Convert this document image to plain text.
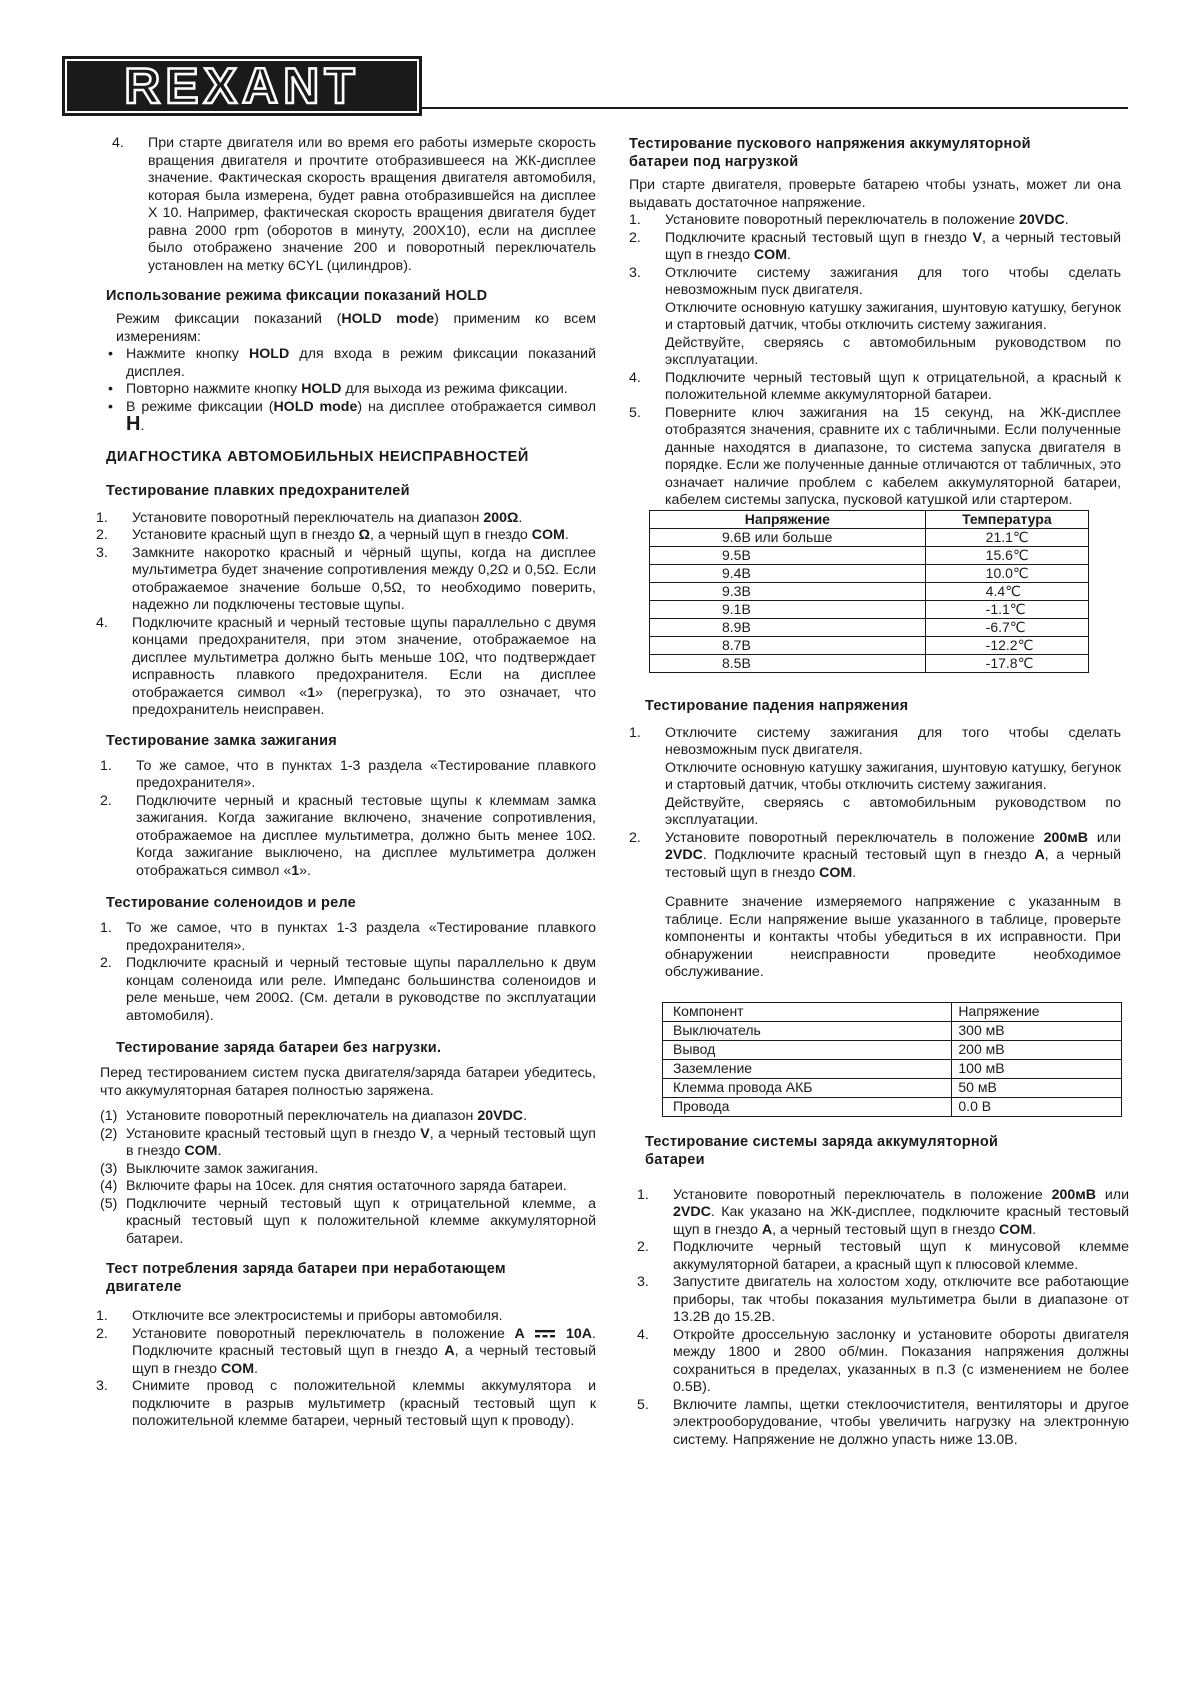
REXANT
4. При старте двигателя или во время его работы измерьте скорость вращения двигателя и прочтите отобразившееся на ЖК-дисплее значение. Фактическая скорость вращения двигателя автомобиля, которая была измерена, будет равна отобразившейся на дисплее X 10. Например, фактическая скорость вращения двигателя будет равна 2000 rpm (оборотов в минуту, 200X10), если на дисплее было отображено значение 200 и поворотный переключатель установлен на метку 6CYL (цилиндров).
Использование режима фиксации показаний HOLD

Режим фиксации показаний (HOLD mode) применим ко всем измерениям:

• Нажмите кнопку HOLD для входа в режим фиксации показаний дисплея.
• Повторно нажмите кнопку HOLD для выхода из режима фиксации.
• В режиме фиксации (HOLD mode) на дисплее отображается символ H.
ДИАГНОСТИКА АВТОМОБИЛЬНЫХ НЕИСПРАВНОСТЕЙ
Тестирование плавких предохранителей
1. Установите поворотный переключатель на диапазон 200Ω.
2. Установите красный щуп в гнездо Ω, а черный щуп в гнездо COM.
3. Замкните накоротко красный и чёрный щупы, когда на дисплее мультиметра будет значение сопротивления между 0,2Ω и 0,5Ω. Если отображаемое значение больше 0,5Ω, то необходимо поверить, надежно ли подключены тестовые щупы.
4. Подключите красный и черный тестовые щупы параллельно с двумя концами предохранителя, при этом значение, отображаемое на дисплее мультиметра должно быть меньше 10Ω, что подтверждает исправность плавкого предохранителя. Если на дисплее отображается символ «1» (перегрузка), то это означает, что предохранитель неисправен.
Тестирование замка зажигания
1. То же самое, что в пунктах 1-3 раздела «Тестирование плавкого предохранителя».
2. Подключите черный и красный тестовые щупы к клеммам замка зажигания. Когда зажигание включено, значение сопротивления, отображаемое на дисплее мультиметра, должно быть менее 10Ω. Когда зажигание выключено, на дисплее мультиметра должен отображаться символ «1».
Тестирование соленоидов и реле
1. То же самое, что в пунктах 1-3 раздела «Тестирование плавкого предохранителя».
2. Подключите красный и черный тестовые щупы параллельно к двум концам соленоида или реле. Импеданс большинства соленоидов и реле меньше, чем 200Ω. (См. детали в руководстве по эксплуатации автомобиля).
Тестирование заряда батареи без нагрузки.

Перед тестированием систем пуска двигателя/заряда батареи убедитесь, что аккумуляторная батарея полностью заряжена.

(1) Установите поворотный переключатель на диапазон 20VDC.
(2) Установите красный тестовый щуп в гнездо V, а черный тестовый щуп в гнездо COM.
(3) Выключите замок зажигания.
(4) Включите фары на 10сек. для снятия остаточного заряда батареи.
(5) Подключите черный тестовый щуп к отрицательной клемме, а красный тестовый щуп к положительной клемме аккумуляторной батареи.
Тест потребления заряда батареи при неработающем двигателе
1. Отключите все электросистемы и приборы автомобиля.
2. Установите поворотный переключатель в положение A	10A. Подключите красный тестовый щуп в гнездо A, а черный тестовый щуп в гнездо COM.
3. Снимите провод с положительной клеммы аккумулятора и подключите в разрыв мультиметр (красный тестовый щуп к положительной клемме батареи, черный тестовый щуп к проводу).
Тестирование пускового напряжения аккумуляторной батареи под нагрузкой

При старте двигателя, проверьте батарею чтобы узнать, может ли она выдавать достаточное напряжение.

1. Установите поворотный переключатель в положение 20VDC.
2. Подключите красный тестовый щуп в гнездо V, а черный тестовый щуп в гнездо COM.
3. Отключите систему зажигания для того чтобы сделать невозможным пуск двигателя.
Отключите основную катушку зажигания, шунтовую катушку, бегунок и стартовый датчик, чтобы отключить систему зажигания.
Действуйте, сверяясь с автомобильным руководством по эксплуатации.
4. Подключите черный тестовый щуп к отрицательной, а красный к положительной клемме аккумуляторной батареи.
5. Поверните ключ зажигания на 15 секунд, на ЖК-дисплее отобразятся значения, сравните их с табличными. Если полученные данные находятся в диапазоне, то система запуска двигателя в порядке. Если же полученные данные отличаются от табличных, это означает наличие проблем с кабелем аккумуляторной батареи, кабелем системы запуска, пусковой катушкой или стартером.
Напряжение	Температура
9.6В или больше	21.1℃
9.5В	15.6℃
9.4В	10.0℃
9.3В	4.4℃
9.1В	-1.1℃
8.9В	-6.7℃
8.7В	-12.2℃
8.5В	-17.8℃
Тестирование падения напряжения
1. Отключите систему зажигания для того чтобы сделать невозможным пуск двигателя.
Отключите основную катушку зажигания, шунтовую катушку, бегунок и стартовый датчик, чтобы отключить систему зажигания.
Действуйте, сверяясь с автомобильным руководством по эксплуатации.
2. Установите поворотный переключатель в положение 200мВ или 2VDC. Подключите красный тестовый щуп в гнездо A, а черный тестовый щуп в гнездо COM.

Сравните значение измеряемого напряжение с указанным в таблице. Если напряжение выше указанного в таблице, проверьте компоненты и контакты чтобы убедиться в их исправности. При обнаружении неисправности проведите необходимое обслуживание.

Компонент	Напряжение
Выключатель	300 мВ
Вывод	200 мВ
Заземление	100 мВ
Клемма провода АКБ	50 мВ
Провода	0.0 В
Тестирование системы заряда аккумуляторной батареи
1. Установите поворотный переключатель в положение 200мВ или 2VDC. Как указано на ЖК-дисплее, подключите красный тестовый щуп в гнездо A, а черный тестовый щуп в гнездо COM.
2. Подключите черный тестовый щуп к минусовой клемме аккумуляторной батареи, а красный щуп к плюсовой клемме.
3. Запустите двигатель на холостом ходу, отключите все работающие приборы, так чтобы показания мультиметра были в диапазоне от 13.2В до 15.2В.
4. Откройте дроссельную заслонку и установите обороты двигателя между 1800 и 2800 об/мин. Показания напряжения должны сохраниться в пределах, указанных в п.3 (с изменением не более 0.5В).
5. Включите лампы, щетки стеклоочистителя, вентиляторы и другое электрооборудование, чтобы увеличить нагрузку на электронную систему. Напряжение не должно упасть ниже 13.0В.
